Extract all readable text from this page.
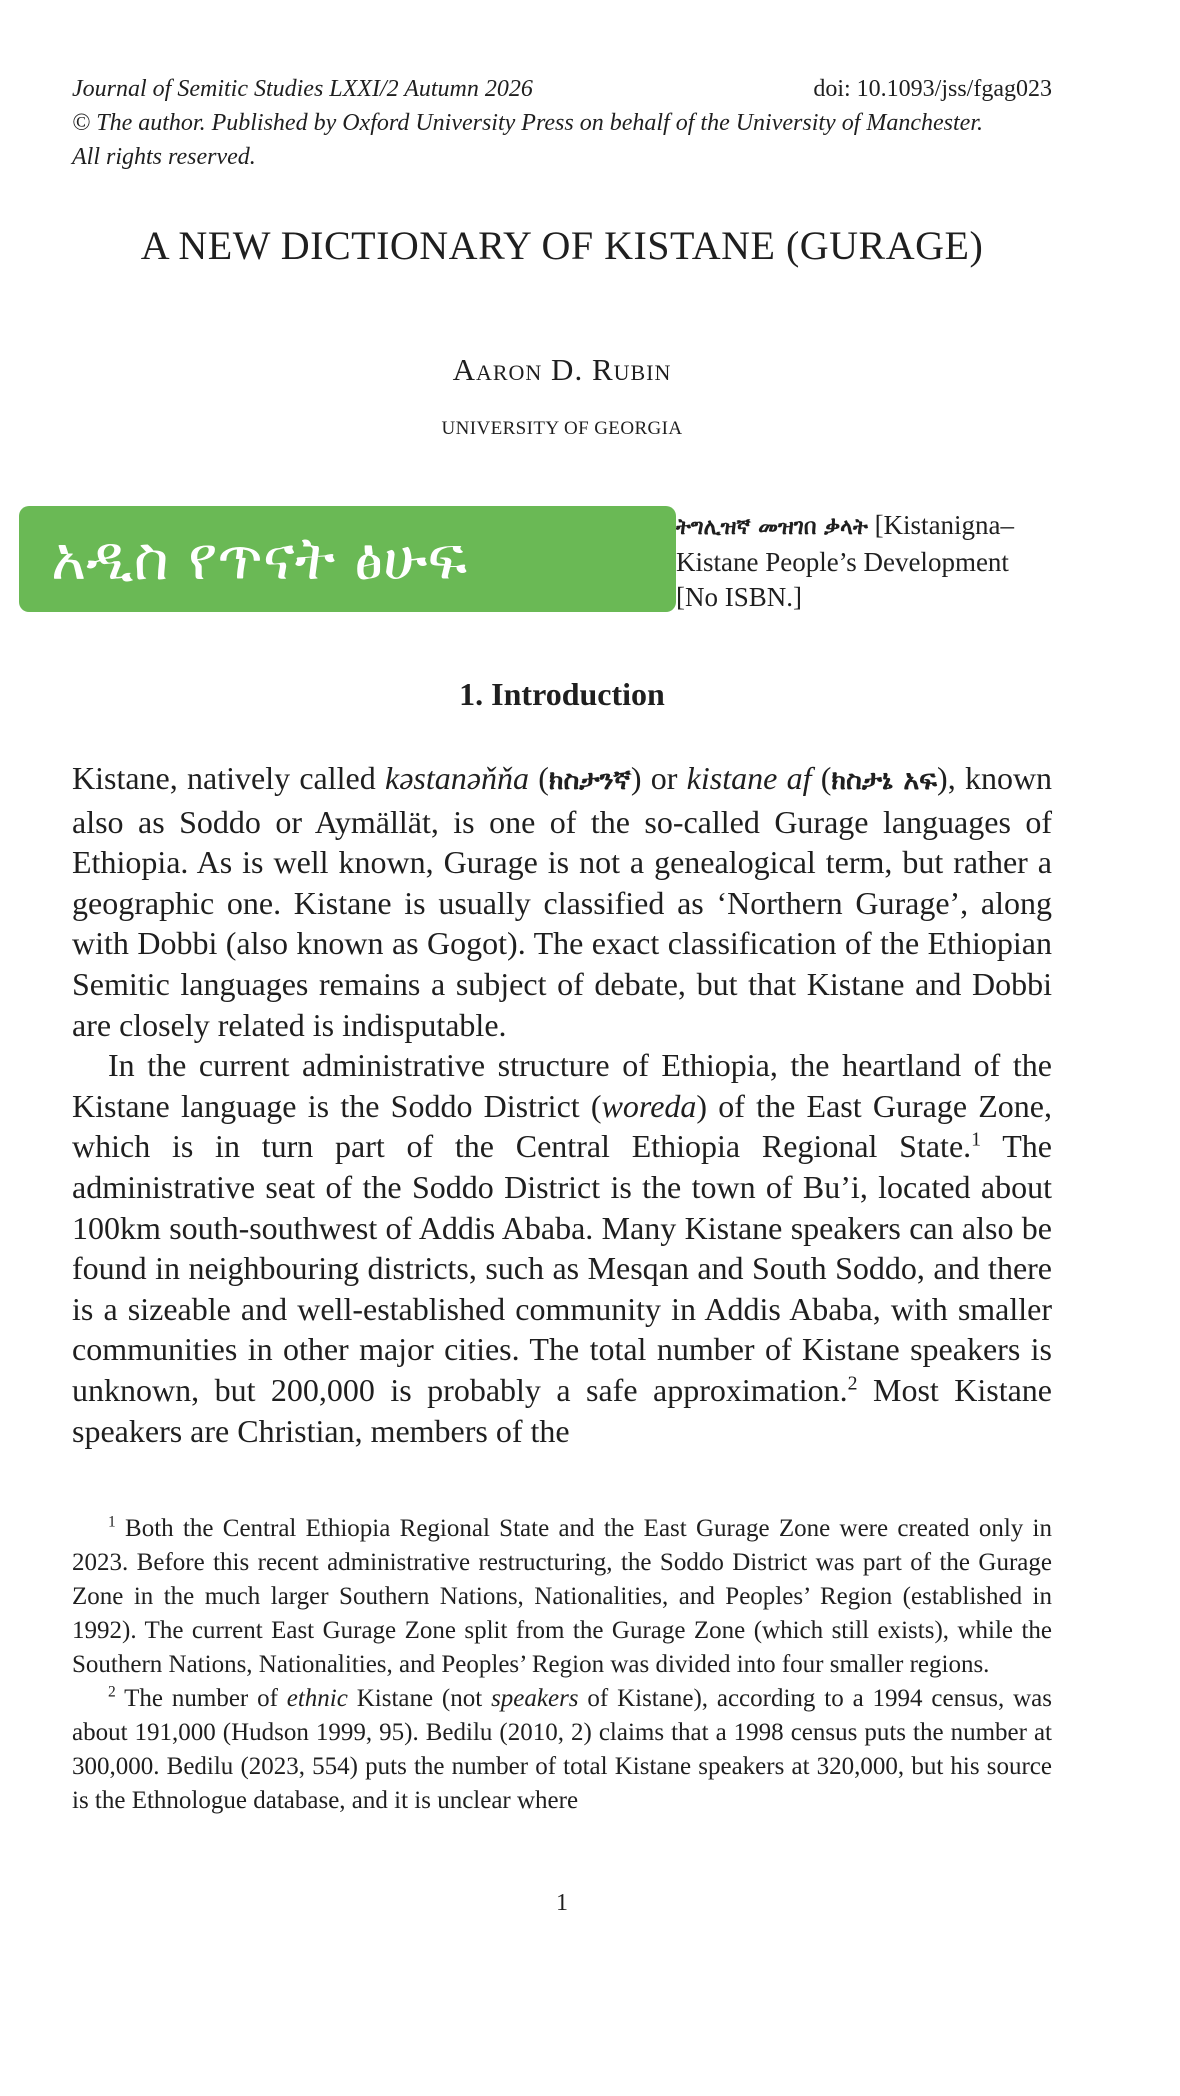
Journal of Semitic Studies LXXI/2 Autumn 2026	doi: 10.1093/jss/fgag023
© The author. Published by Oxford University Press on behalf of the University of Manchester.
All rights reserved.
A NEW DICTIONARY OF KISTANE (GURAGE)
Aaron D. Rubin
UNIVERSITY OF GEORGIA
ትግሊዝኛ መዝገበ ቃላት [Kistanigna–
Kistane People’s Development
[No ISBN.]
አዲስ የጥናት ፅሁፍ
1. Introduction

Kistane, natively called kəstanəňňa (ክስታንኛ) or kistane af (ክስታኔ አፍ), known also as Soddo or Aymällät, is one of the so-called Gurage languages of Ethiopia. As is well known, Gurage is not a genealogical term, but rather a geographic one. Kistane is usually classified as ‘Northern Gurage’, along with Dobbi (also known as Gogot). The exact classification of the Ethiopian Semitic languages remains a subject of debate, but that Kistane and Dobbi are closely related is indisputable.

In the current administrative structure of Ethiopia, the heartland of the Kistane language is the Soddo District (woreda) of the East Gurage Zone, which is in turn part of the Central Ethiopia Regional State.$^1$ The administrative seat of the Soddo District is the town of Bu’i, located about 100km south-southwest of Addis Ababa. Many Kistane speakers can also be found in neighbouring districts, such as Mesqan and South Soddo, and there is a sizeable and well-established community in Addis Ababa, with smaller communities in other major cities. The total number of Kistane speakers is unknown, but 200,000 is probably a safe approximation.$^2$ Most Kistane speakers are Christian, members of the

$^1$ Both the Central Ethiopia Regional State and the East Gurage Zone were created only in 2023. Before this recent administrative restructuring, the Soddo District was part of the Gurage Zone in the much larger Southern Nations, Nationalities, and Peoples’ Region (established in 1992). The current East Gurage Zone split from the Gurage Zone (which still exists), while the Southern Nations, Nationalities, and Peoples’ Region was divided into four smaller regions.

$^2$ The number of ethnic Kistane (not speakers of Kistane), according to a 1994 census, was about 191,000 (Hudson 1999, 95). Bedilu (2010, 2) claims that a 1998 census puts the number at 300,000. Bedilu (2023, 554) puts the number of total Kistane speakers at 320,000, but his source is the Ethnologue database, and it is unclear where

1
